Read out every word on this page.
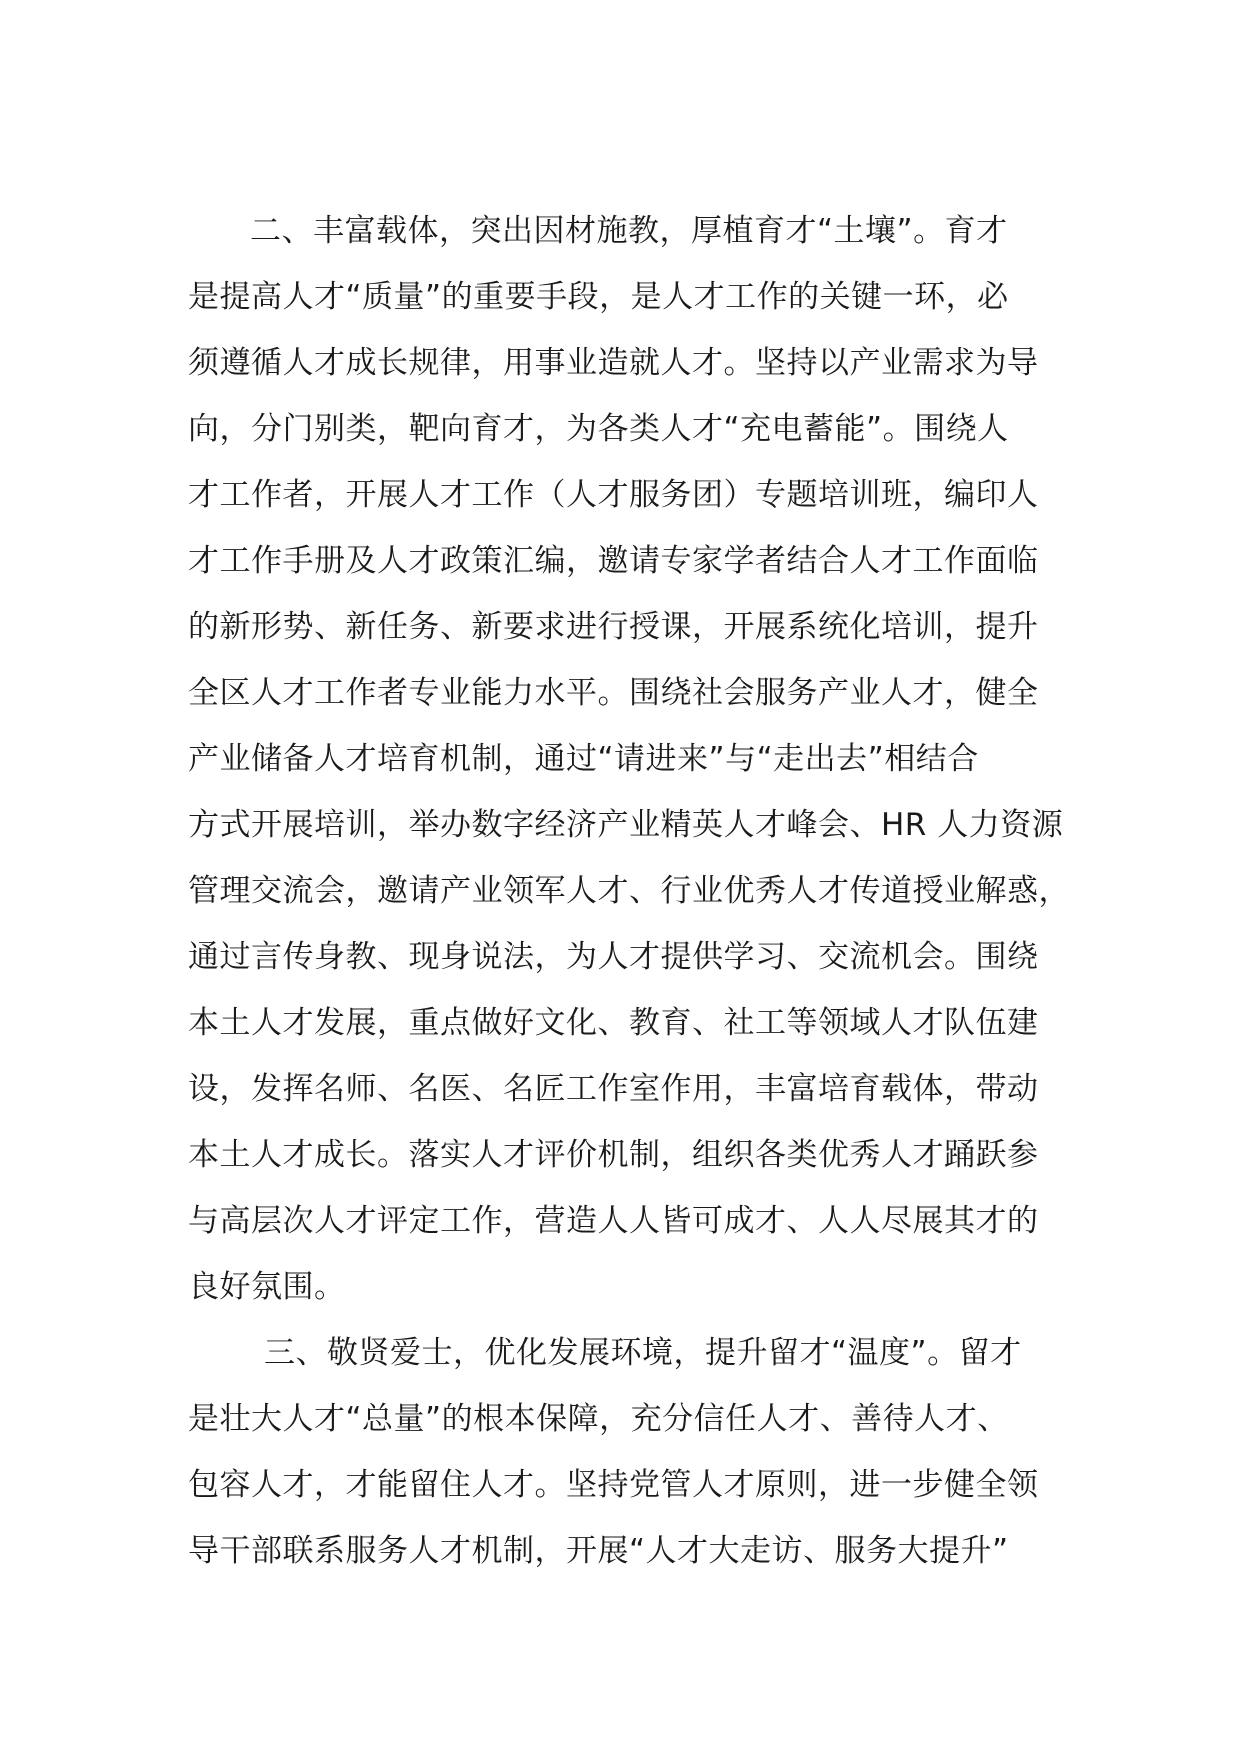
二、丰富载体，突出因材施教，厚植育才“土壤”。育才
是提高人才“质量”的重要手段，是人才工作的关键一环，必
须遵循人才成长规律，用事业造就人才。坚持以产业需求为导
向，分门别类，靶向育才，为各类人才“充电蓄能”。围绕人
才工作者，开展人才工作（人才服务团）专题培训班，编印人
才工作手册及人才政策汇编，邀请专家学者结合人才工作面临
的新形势、新任务、新要求进行授课，开展系统化培训，提升
全区人才工作者专业能力水平。围绕社会服务产业人才，健全
产业储备人才培育机制，通过“请进来”与“走出去”相结合
方式开展培训，举办数字经济产业精英人才峰会、HR 人力资源
管理交流会，邀请产业领军人才、行业优秀人才传道授业解惑，
通过言传身教、现身说法，为人才提供学习、交流机会。围绕
本土人才发展，重点做好文化、教育、社工等领域人才队伍建
设，发挥名师、名医、名匠工作室作用，丰富培育载体，带动
本土人才成长。落实人才评价机制，组织各类优秀人才踊跃参
与高层次人才评定工作，营造人人皆可成才、人人尽展其才的
良好氛围。
三、敬贤爱士，优化发展环境，提升留才“温度”。留才
是壮大人才“总量”的根本保障，充分信任人才、善待人才、
包容人才，才能留住人才。坚持党管人才原则，进一步健全领
导干部联系服务人才机制，开展“人才大走访、服务大提升”
